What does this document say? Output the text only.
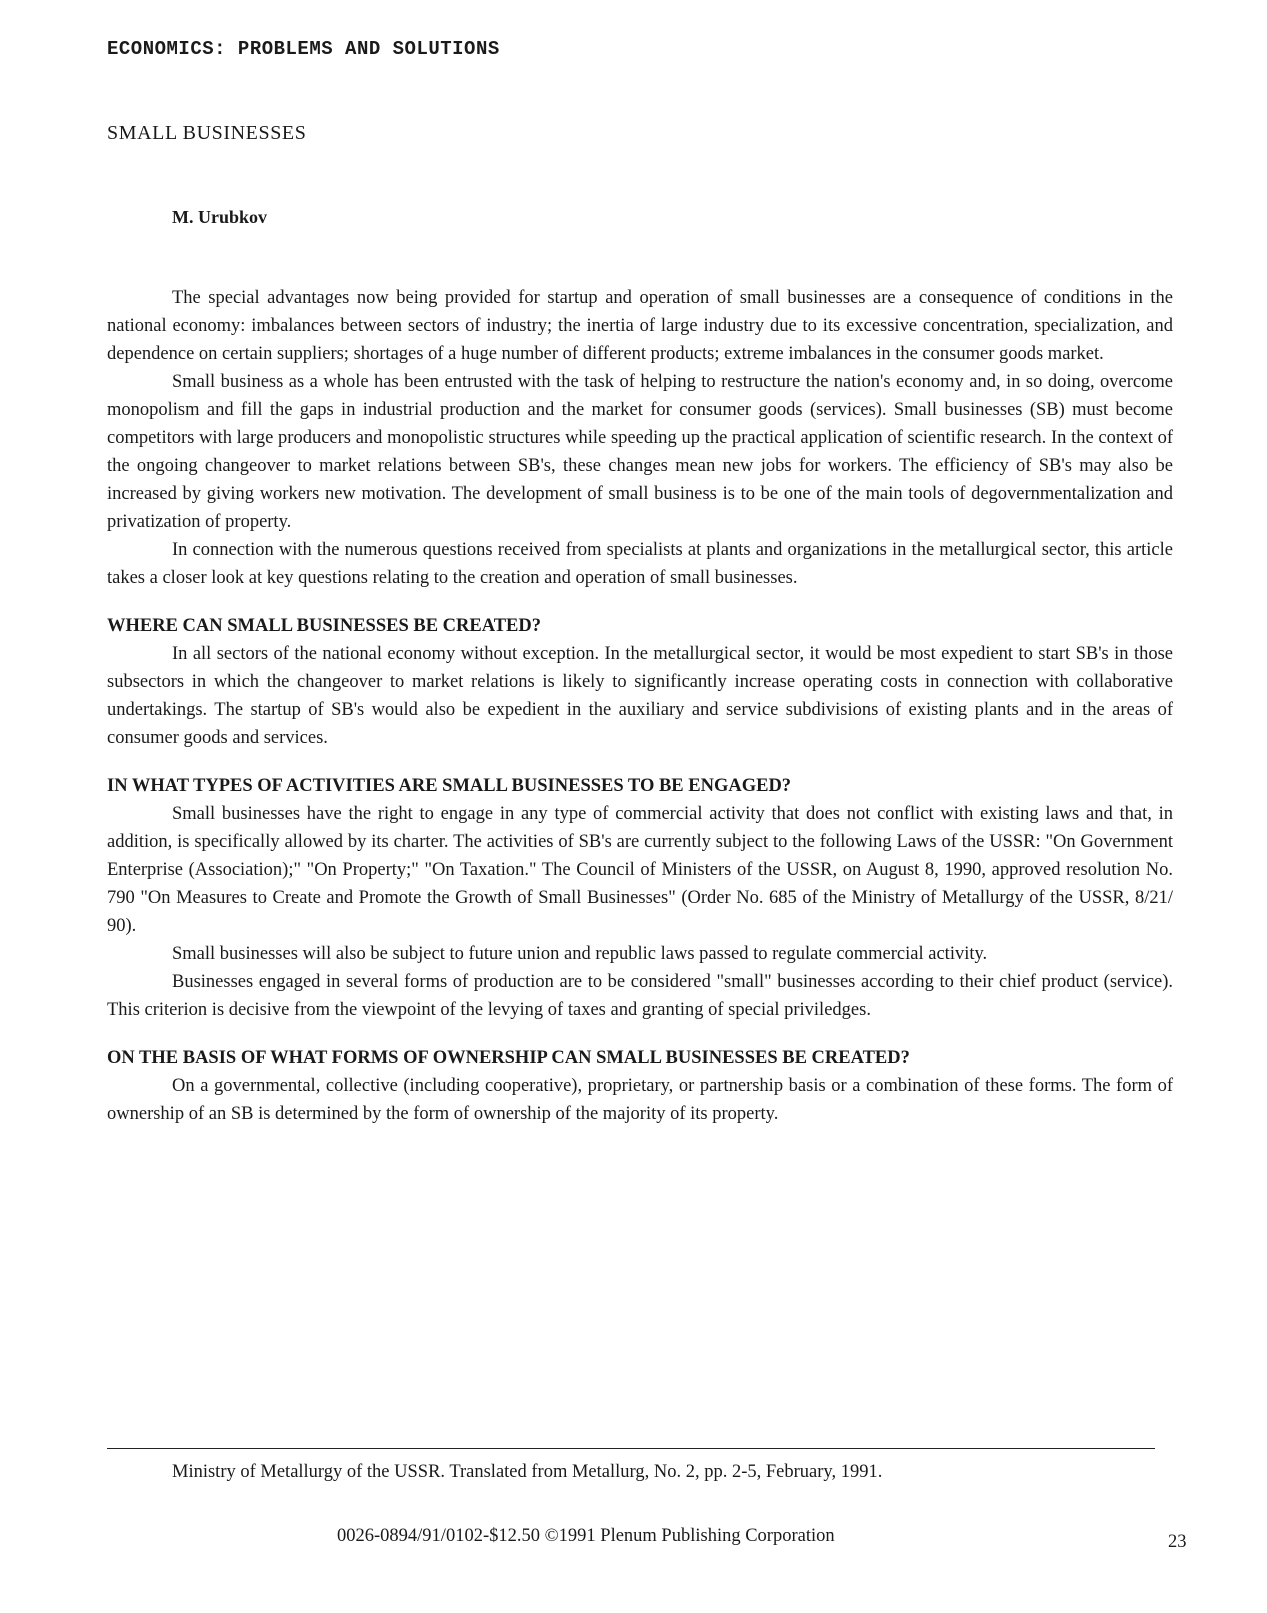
ECONOMICS: PROBLEMS AND SOLUTIONS
SMALL BUSINESSES
M. Urubkov

The special advantages now being provided for startup and operation of small businesses are a consequence of conditions in the national economy: imbalances between sectors of industry; the inertia of large industry due to its excessive concentration, specialization, and dependence on certain suppliers; shortages of a huge number of different products; extreme imbalances in the consumer goods market.

Small business as a whole has been entrusted with the task of helping to restructure the nation's economy and, in so doing, overcome monopolism and fill the gaps in industrial production and the market for consumer goods (services). Small businesses (SB) must become competitors with large producers and monopolistic structures while speeding up the practical application of scientific research. In the context of the ongoing changeover to market relations between SB's, these changes mean new jobs for workers. The efficiency of SB's may also be increased by giving workers new motivation. The development of small business is to be one of the main tools of degovernmentalization and privatization of property.

In connection with the numerous questions received from specialists at plants and organizations in the metallurgical sector, this article takes a closer look at key questions relating to the creation and operation of small businesses.

WHERE CAN SMALL BUSINESSES BE CREATED?

In all sectors of the national economy without exception. In the metallurgical sector, it would be most expedient to start SB's in those subsectors in which the changeover to market relations is likely to significantly increase operating costs in connection with collaborative undertakings. The startup of SB's would also be expedient in the auxiliary and service subdivisions of existing plants and in the areas of consumer goods and services.

IN WHAT TYPES OF ACTIVITIES ARE SMALL BUSINESSES TO BE ENGAGED?

Small businesses have the right to engage in any type of commercial activity that does not conflict with existing laws and that, in addition, is specifically allowed by its charter. The activities of SB's are currently subject to the following Laws of the USSR: "On Government Enterprise (Association);" "On Property;" "On Taxation." The Council of Ministers of the USSR, on August 8, 1990, approved resolution No. 790 "On Measures to Create and Promote the Growth of Small Businesses" (Order No. 685 of the Ministry of Metallurgy of the USSR, 8/21/ 90).

Small businesses will also be subject to future union and republic laws passed to regulate commercial activity.

Businesses engaged in several forms of production are to be considered "small" businesses according to their chief product (service). This criterion is decisive from the viewpoint of the levying of taxes and granting of special priviledges.

ON THE BASIS OF WHAT FORMS OF OWNERSHIP CAN SMALL BUSINESSES BE CREATED?

On a governmental, collective (including cooperative), proprietary, or partnership basis or a combination of these forms. The form of ownership of an SB is determined by the form of ownership of the majority of its property.

Ministry of Metallurgy of the USSR. Translated from Metallurg, No. 2, pp. 2-5, February, 1991.
0026-0894/91/0102-$12.50 ©1991 Plenum Publishing Corporation	23
